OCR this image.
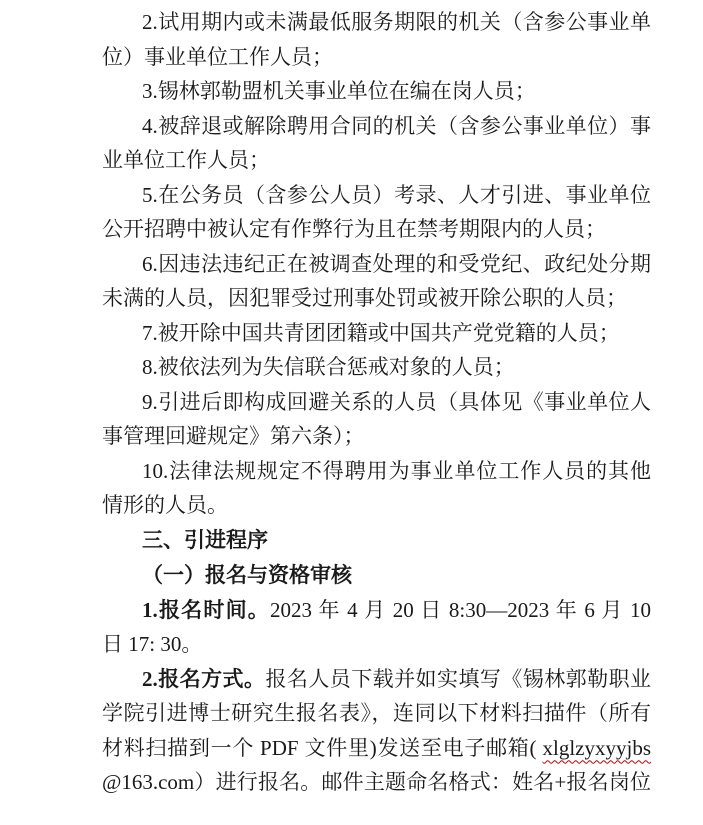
2.试用期内或未满最低服务期限的机关（含参公事业单
位）事业单位工作人员；
3.锡林郭勒盟机关事业单位在编在岗人员；
4.被辞退或解除聘用合同的机关（含参公事业单位）事
业单位工作人员；
5.在公务员（含参公人员）考录、人才引进、事业单位
公开招聘中被认定有作弊行为且在禁考期限内的人员；
6.因违法违纪正在被调查处理的和受党纪、政纪处分期
未满的人员，因犯罪受过刑事处罚或被开除公职的人员；
7.被开除中国共青团团籍或中国共产党党籍的人员；
8.被依法列为失信联合惩戒对象的人员；
9.引进后即构成回避关系的人员（具体见《事业单位人
事管理回避规定》第六条）；
10.法律法规规定不得聘用为事业单位工作人员的其他
情形的人员。
三、引进程序
（一）报名与资格审核
1.报名时间。2023 年 4 月 20 日 8:30—2023 年 6 月 10
日 17: 30。
2.报名方式。报名人员下载并如实填写《锡林郭勒职业
学院引进博士研究生报名表》，连同以下材料扫描件（所有
材料扫描到一个 PDF 文件里)发送至电子邮箱( xlglzyxyyjbs
@163.com）进行报名。邮件主题命名格式：姓名+报名岗位
